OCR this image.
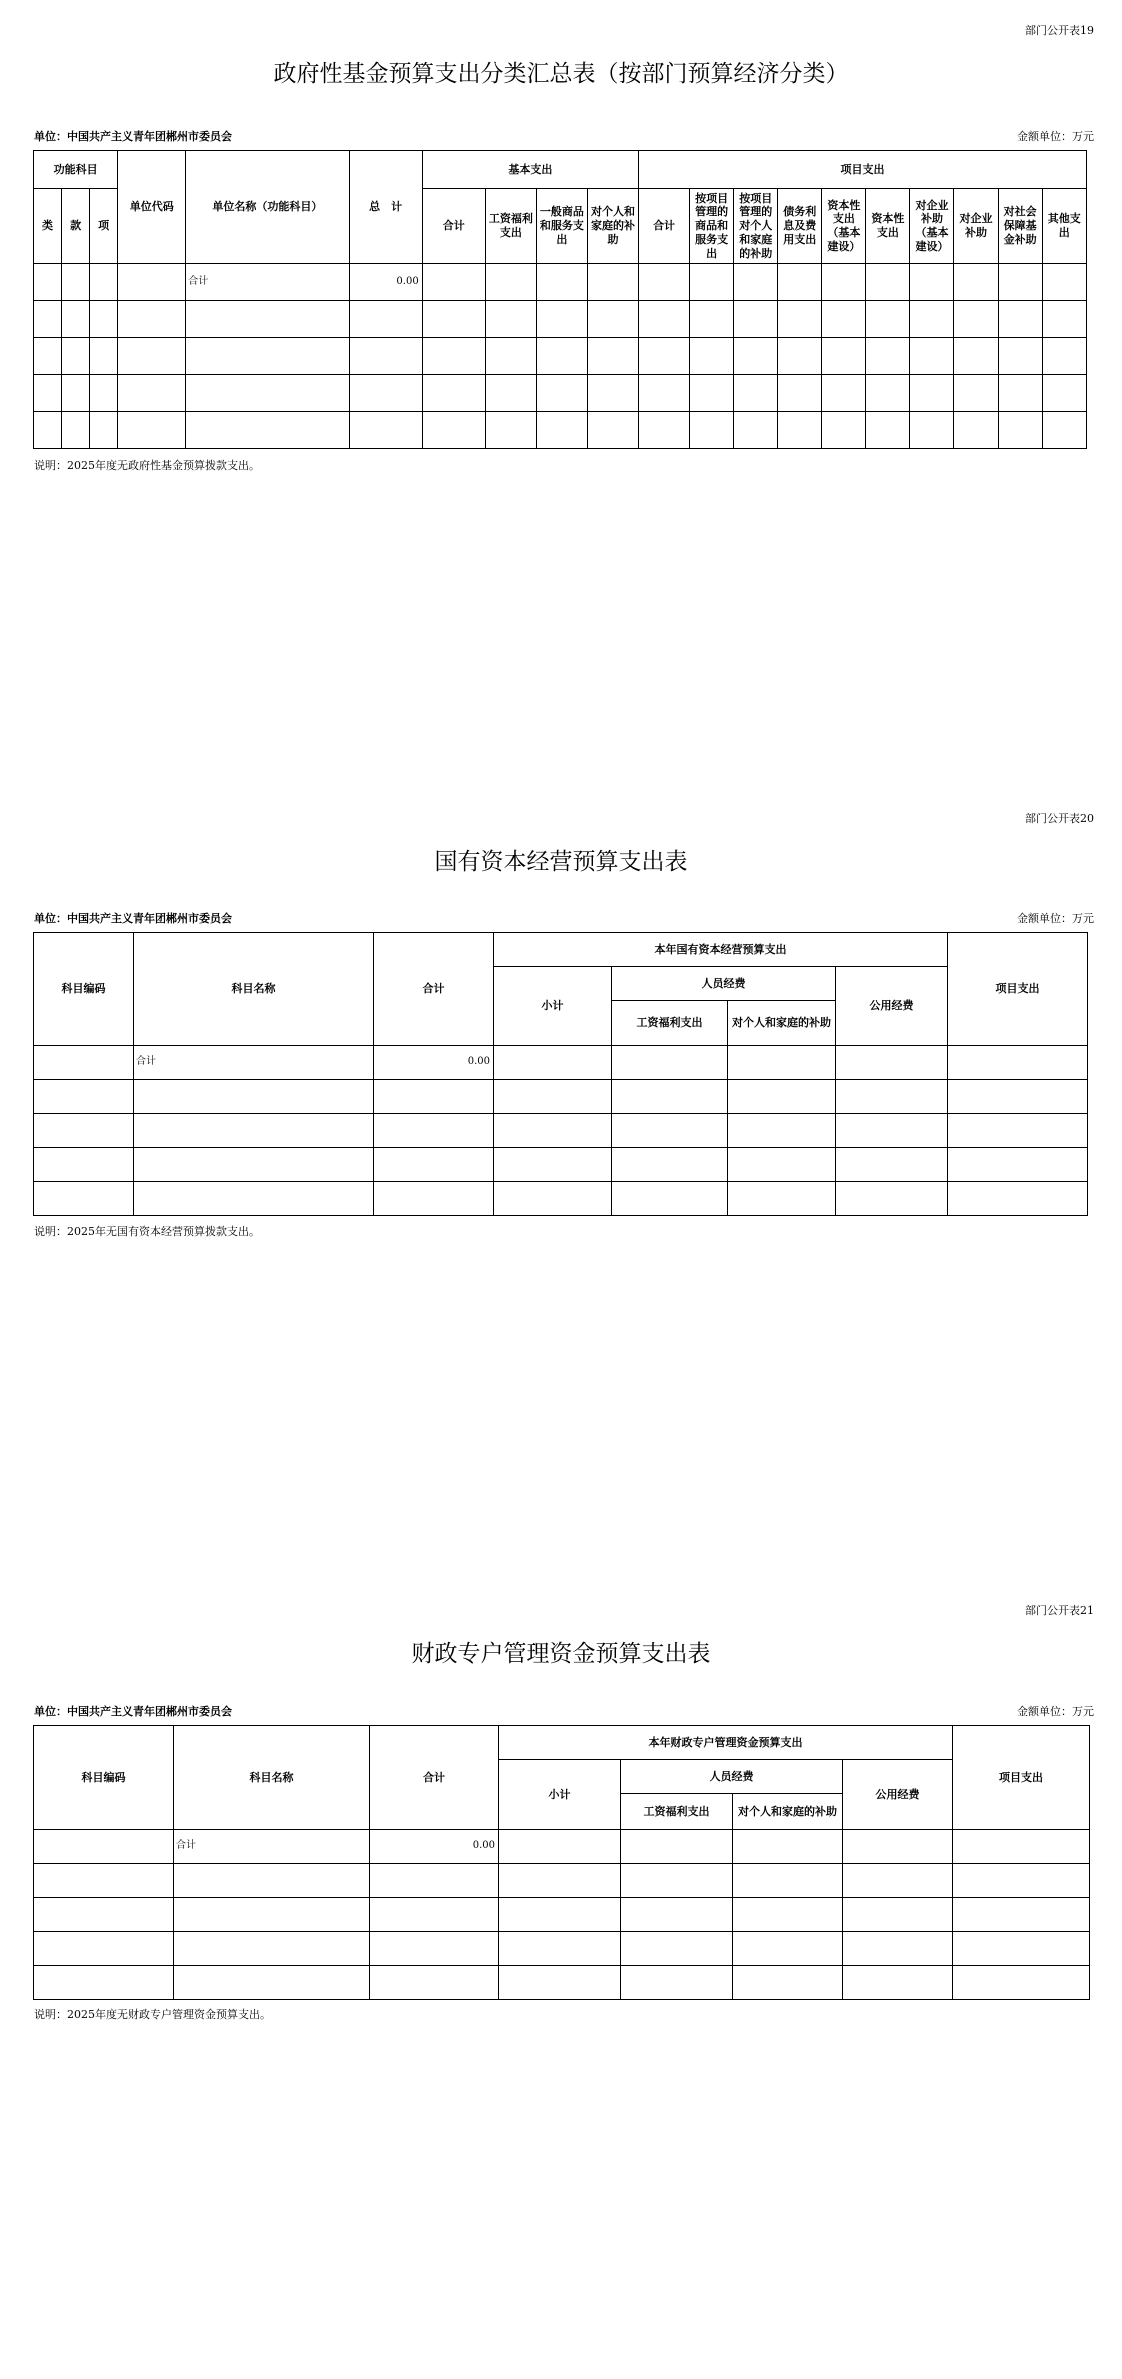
部门公开表19
政府性基金预算支出分类汇总表（按部门预算经济分类）
单位：中国共产主义青年团郴州市委员会	金额单位：万元
功能科目			单位代码	单位名称（功能科目）	总　计	基本支出				项目支出									
类	款	项				合计	工资福利支出	一般商品和服务支出	对个人和家庭的补助	合计	按项目管理的商品和服务支出	按项目管理的对个人和家庭的补助	债务利息及费用支出	资本性支出（基本建设）	资本性支出	对企业补助（基本建设）	对企业补助	对社会保障基金补助	其他支出
				合计	0.00														

说明：2025年度无政府性基金预算拨款支出。
部门公开表20
国有资本经营预算支出表
单位：中国共产主义青年团郴州市委员会	金额单位：万元
科目编码	科目名称	合计	本年国有资本经营预算支出				项目支出
			小计	人员经费		公用经费	
				工资福利支出	对个人和家庭的补助		
	合计	0.00					

说明：2025年无国有资本经营预算拨款支出。
部门公开表21
财政专户管理资金预算支出表
单位：中国共产主义青年团郴州市委员会	金额单位：万元
科目编码	科目名称	合计	本年财政专户管理资金预算支出				项目支出
			小计	人员经费		公用经费	
				工资福利支出	对个人和家庭的补助		
	合计	0.00					

说明：2025年度无财政专户管理资金预算支出。
